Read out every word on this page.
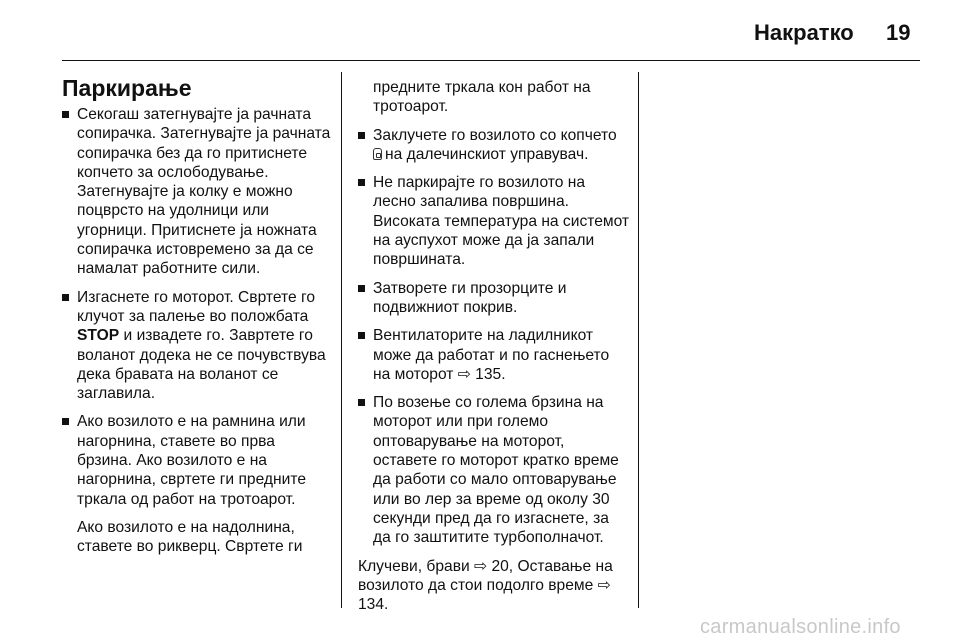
Накратко 19
Паркирање
Секогаш затегнувајте ја рачната сопирачка. Затегнувајте ја рачната сопирачка без да го притиснете копчето за ослободување. Затегнувајте ја колку е можно поцврсто на удолници или угорници. Притиснете ја ножната сопирачка истовремено за да се намалат работните сили.
Изгаснете го моторот. Свртете го клучот за палење во положбата STOP и извадете го. Завртете го воланот додека не се почувствува дека бравата на воланот се заглавила.
Ако возилото е на рамнина или нагорнина, ставете во прва брзина. Ако возилото е на нагорнина, свртете ги предните тркала од работ на тротоарот.
Ако возилото е на надолнина, ставете во рикверц. Свртете ги
предните тркала кон работ на тротоарот.
Заклучете го возилото со копчето
на далечинскиот управувач.
Не паркирајте го возилото на лесно запалива површина. Високата температура на системот на ауспухот може да ја запали површината.
Затворете ги прозорците и подвижниот покрив.
Вентилаторите на ладилникот може да работат и по гаснењето на моторот ⇨ 135.
По возење со голема брзина на моторот или при големо оптоварување на моторот, оставете го моторот кратко време да работи со мало оптоварување или во лер за време од околу 30 секунди пред да го изгаснете, за да го заштитите турбополначот.
Клучеви, брави ⇨ 20, Оставање на возилото да стои подолго време ⇨ 134.
carmanualsonline.info
